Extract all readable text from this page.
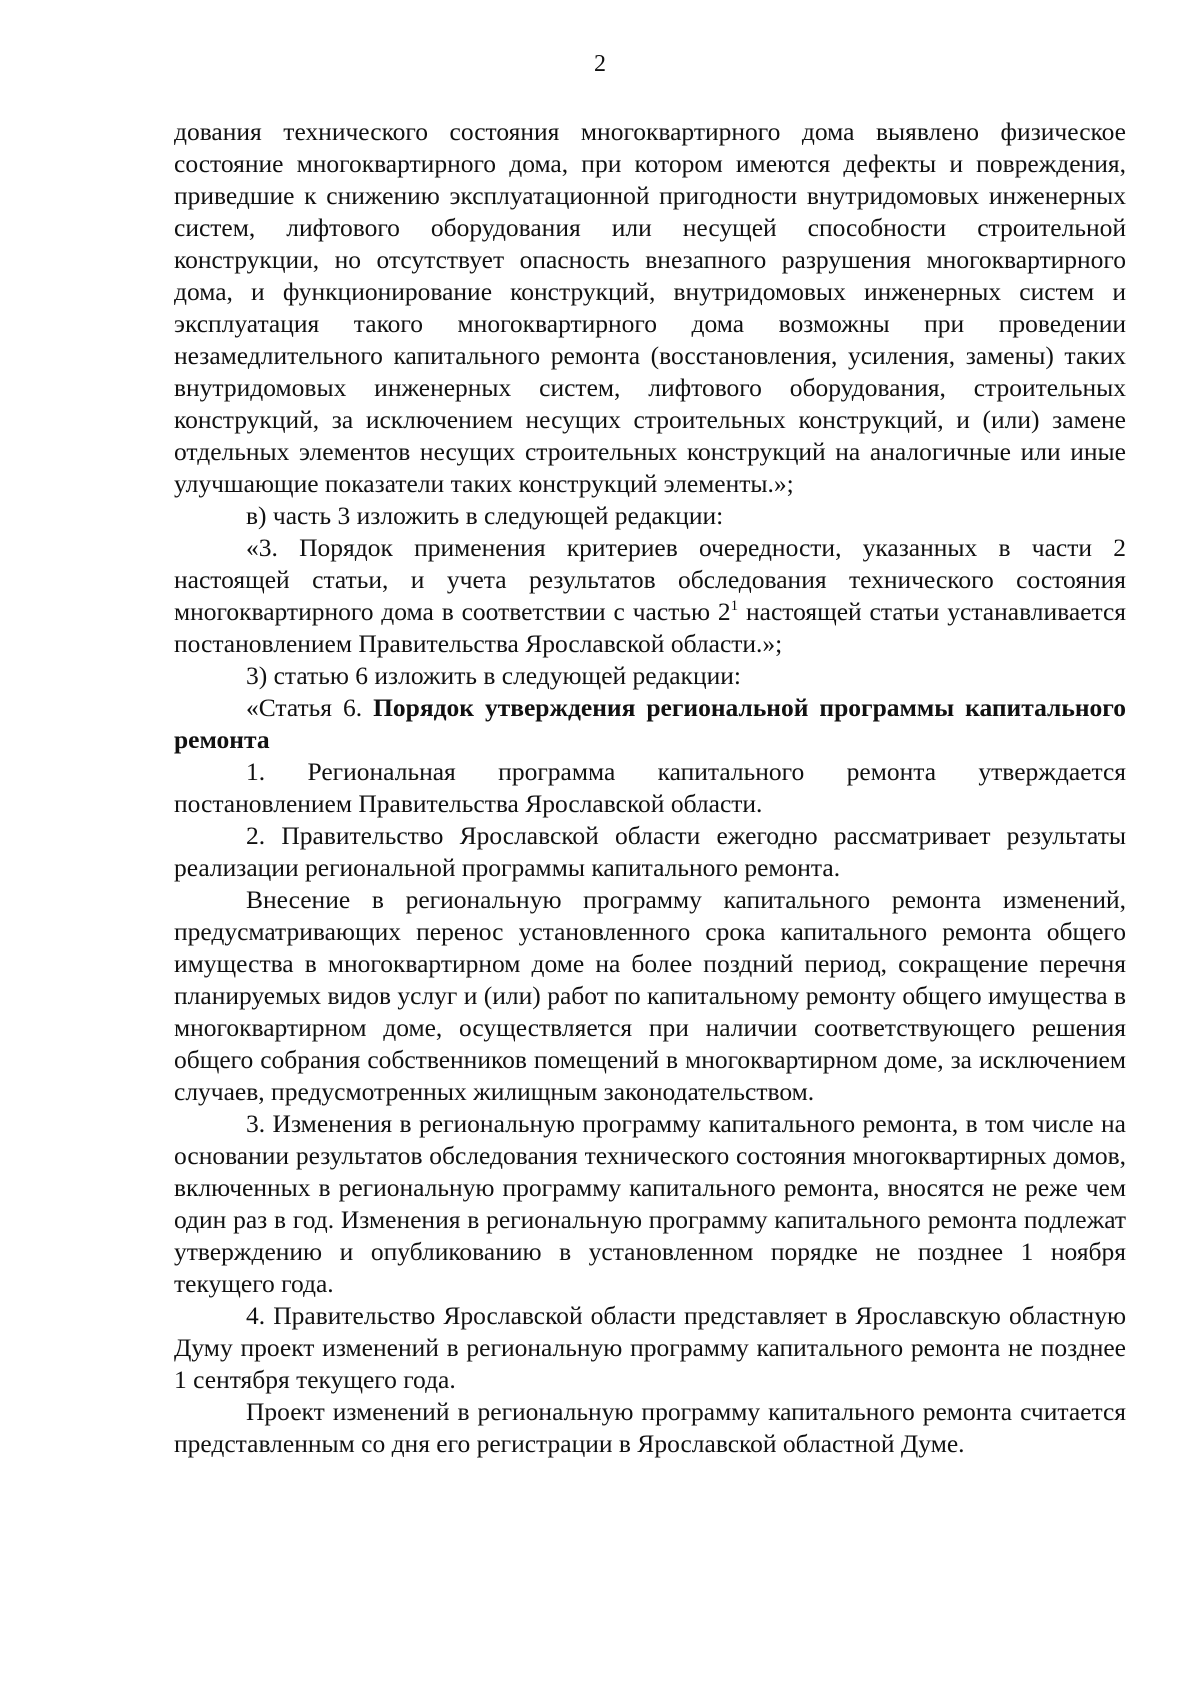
2

дования технического состояния многоквартирного дома выявлено физическое состояние многоквартирного дома, при котором имеются дефекты и повреждения, приведшие к снижению эксплуатационной пригодности внутридомовых инженерных систем, лифтового оборудования или несущей способности строительной конструкции, но отсутствует опасность внезапного разрушения многоквартирного дома, и функционирование конструкций, внутридомовых инженерных систем и эксплуатация такого многоквартирного дома возможны при проведении незамедлительного капитального ремонта (восстановления, усиления, замены) таких внутридомовых инженерных систем, лифтового оборудования, строительных конструкций, за исключением несущих строительных конструкций, и (или) замене отдельных элементов несущих строительных конструкций на аналогичные или иные улучшающие показатели таких конструкций элементы.»;

в) часть 3 изложить в следующей редакции:

«3. Порядок применения критериев очередности, указанных в части 2 настоящей статьи, и учета результатов обследования технического состояния многоквартирного дома в соответствии с частью $2^1$ настоящей статьи устанавливается постановлением Правительства Ярославской области.»;

3) статью 6 изложить в следующей редакции:

«Статья 6. Порядок утверждения региональной программы капитального ремонта

1. Региональная программа капитального ремонта утверждается постановлением Правительства Ярославской области.

2. Правительство Ярославской области ежегодно рассматривает результаты реализации региональной программы капитального ремонта.

Внесение в региональную программу капитального ремонта изменений, предусматривающих перенос установленного срока капитального ремонта общего имущества в многоквартирном доме на более поздний период, сокращение перечня планируемых видов услуг и (или) работ по капитальному ремонту общего имущества в многоквартирном доме, осуществляется при наличии соответствующего решения общего собрания собственников помещений в многоквартирном доме, за исключением случаев, предусмотренных жилищным законодательством.

3. Изменения в региональную программу капитального ремонта, в том числе на основании результатов обследования технического состояния многоквартирных домов, включенных в региональную программу капитального ремонта, вносятся не реже чем один раз в год. Изменения в региональную программу капитального ремонта подлежат утверждению и опубликованию в установленном порядке не позднее 1 ноября текущего года.

4. Правительство Ярославской области представляет в Ярославскую областную Думу проект изменений в региональную программу капитального ремонта не позднее 1 сентября текущего года.

Проект изменений в региональную программу капитального ремонта считается представленным со дня его регистрации в Ярославской областной Думе.
